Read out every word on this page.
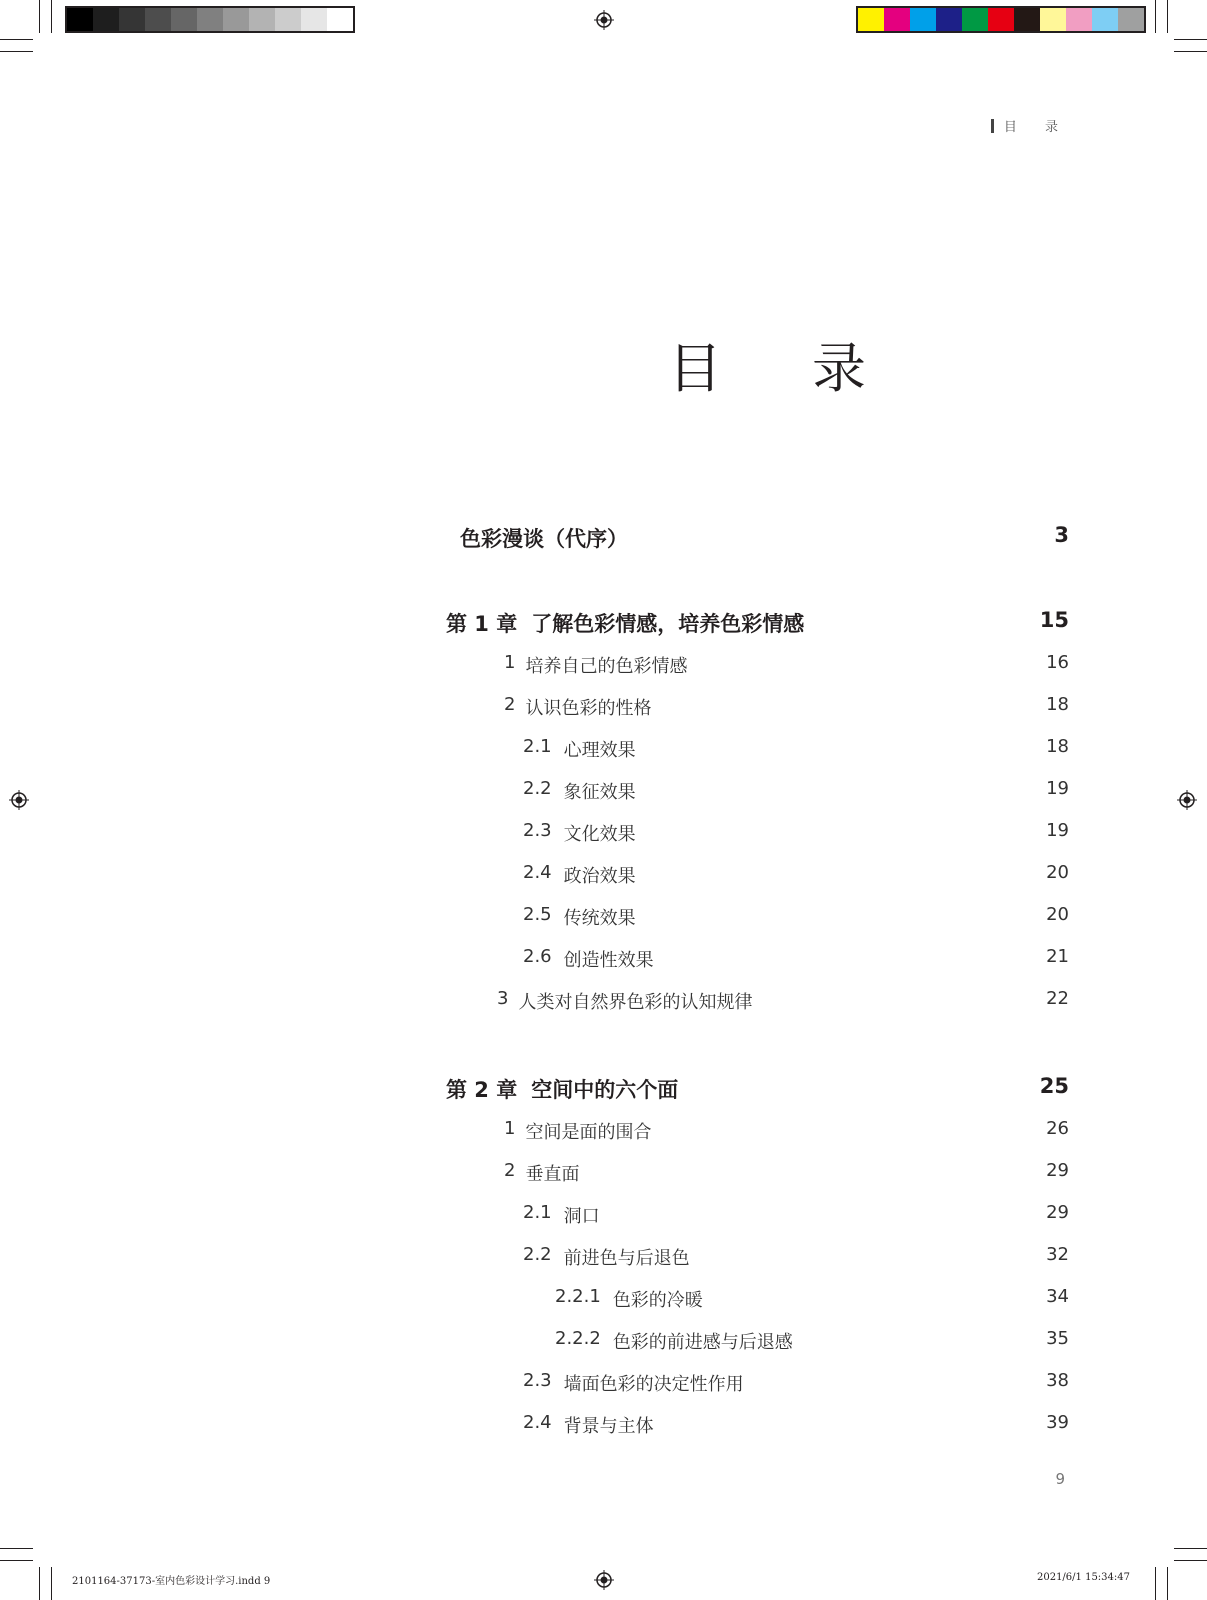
目 录
目录
色彩漫谈（代序）	3
第 1 章 了解色彩情感，培养色彩情感	15
1 培养自己的色彩情感	16
2 认识色彩的性格	18
2.1 心理效果	18
2.2 象征效果	19
2.3 文化效果	19
2.4 政治效果	20
2.5 传统效果	20
2.6 创造性效果	21
3 人类对自然界色彩的认知规律	22
第 2 章 空间中的六个面	25
1 空间是面的围合	26
2 垂直面	29
2.1 洞口	29
2.2 前进色与后退色	32
2.2.1 色彩的冷暖	34
2.2.2 色彩的前进感与后退感	35
2.3 墙面色彩的决定性作用	38
2.4 背景与主体	39
9
2101164-37173-室内色彩设计学习.indd 9	2021/6/1 15:34:47
